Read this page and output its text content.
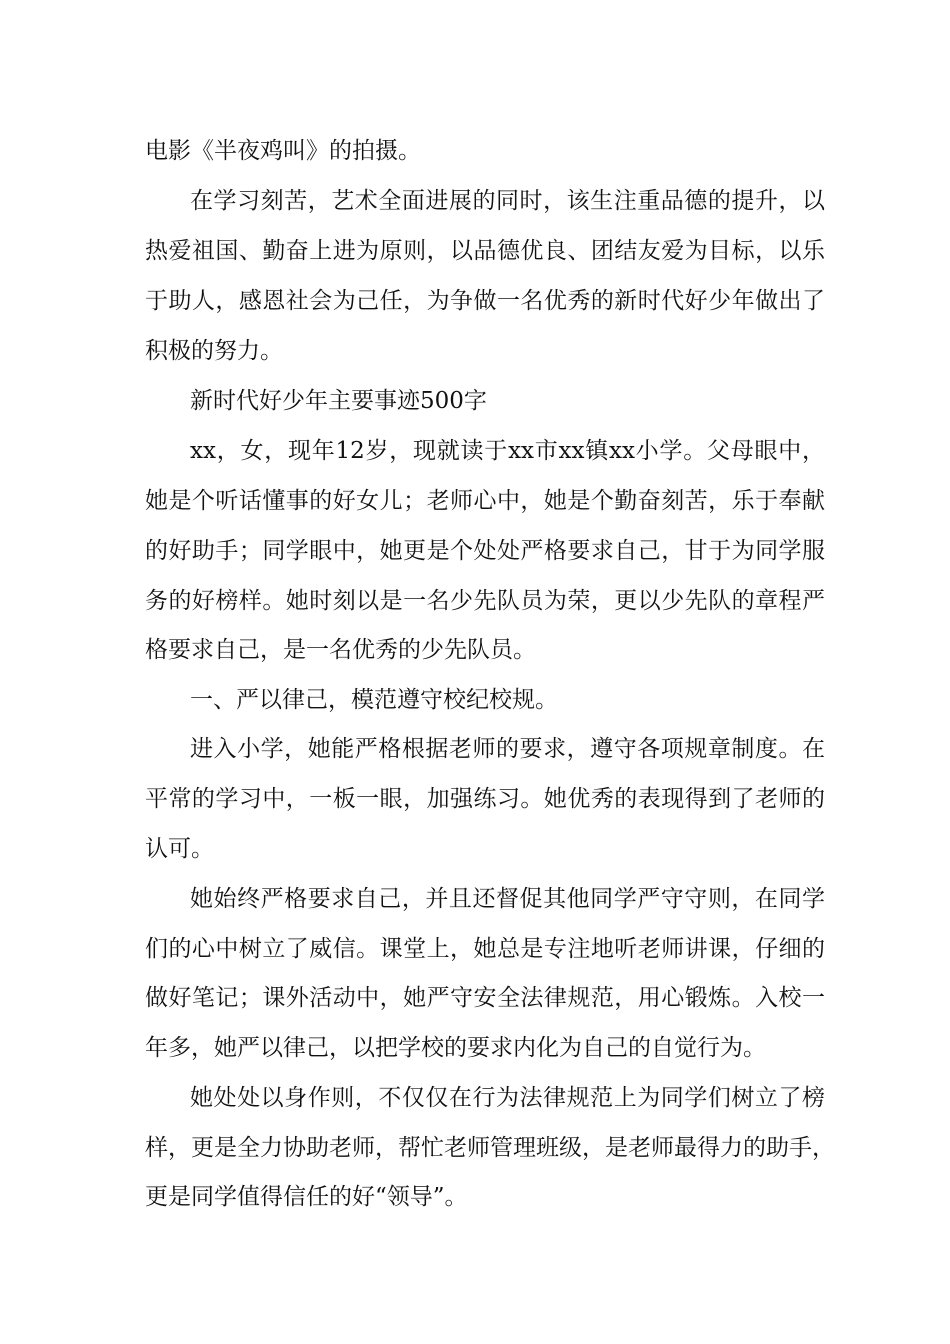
电影《半夜鸡叫》的拍摄。
在学习刻苦，艺术全面进展的同时，该生注重品德的提升，以
热爱祖国、勤奋上进为原则，以品德优良、团结友爱为目标，以乐
于助人，感恩社会为己任，为争做一名优秀的新时代好少年做出了
积极的努力。
新时代好少年主要事迹500字
xx，女，现年12岁，现就读于xx市xx镇xx小学。父母眼中，
她是个听话懂事的好女儿；老师心中，她是个勤奋刻苦，乐于奉献
的好助手；同学眼中，她更是个处处严格要求自己，甘于为同学服
务的好榜样。她时刻以是一名少先队员为荣，更以少先队的章程严
格要求自己，是一名优秀的少先队员。
一、严以律己，模范遵守校纪校规。
进入小学，她能严格根据老师的要求，遵守各项规章制度。在
平常的学习中，一板一眼，加强练习。她优秀的表现得到了老师的
认可。
她始终严格要求自己，并且还督促其他同学严守守则，在同学
们的心中树立了威信。课堂上，她总是专注地听老师讲课，仔细的
做好笔记；课外活动中，她严守安全法律规范，用心锻炼。入校一
年多，她严以律己，以把学校的要求内化为自己的自觉行为。
她处处以身作则，不仅仅在行为法律规范上为同学们树立了榜
样，更是全力协助老师，帮忙老师管理班级，是老师最得力的助手，
更是同学值得信任的好“领导”。
